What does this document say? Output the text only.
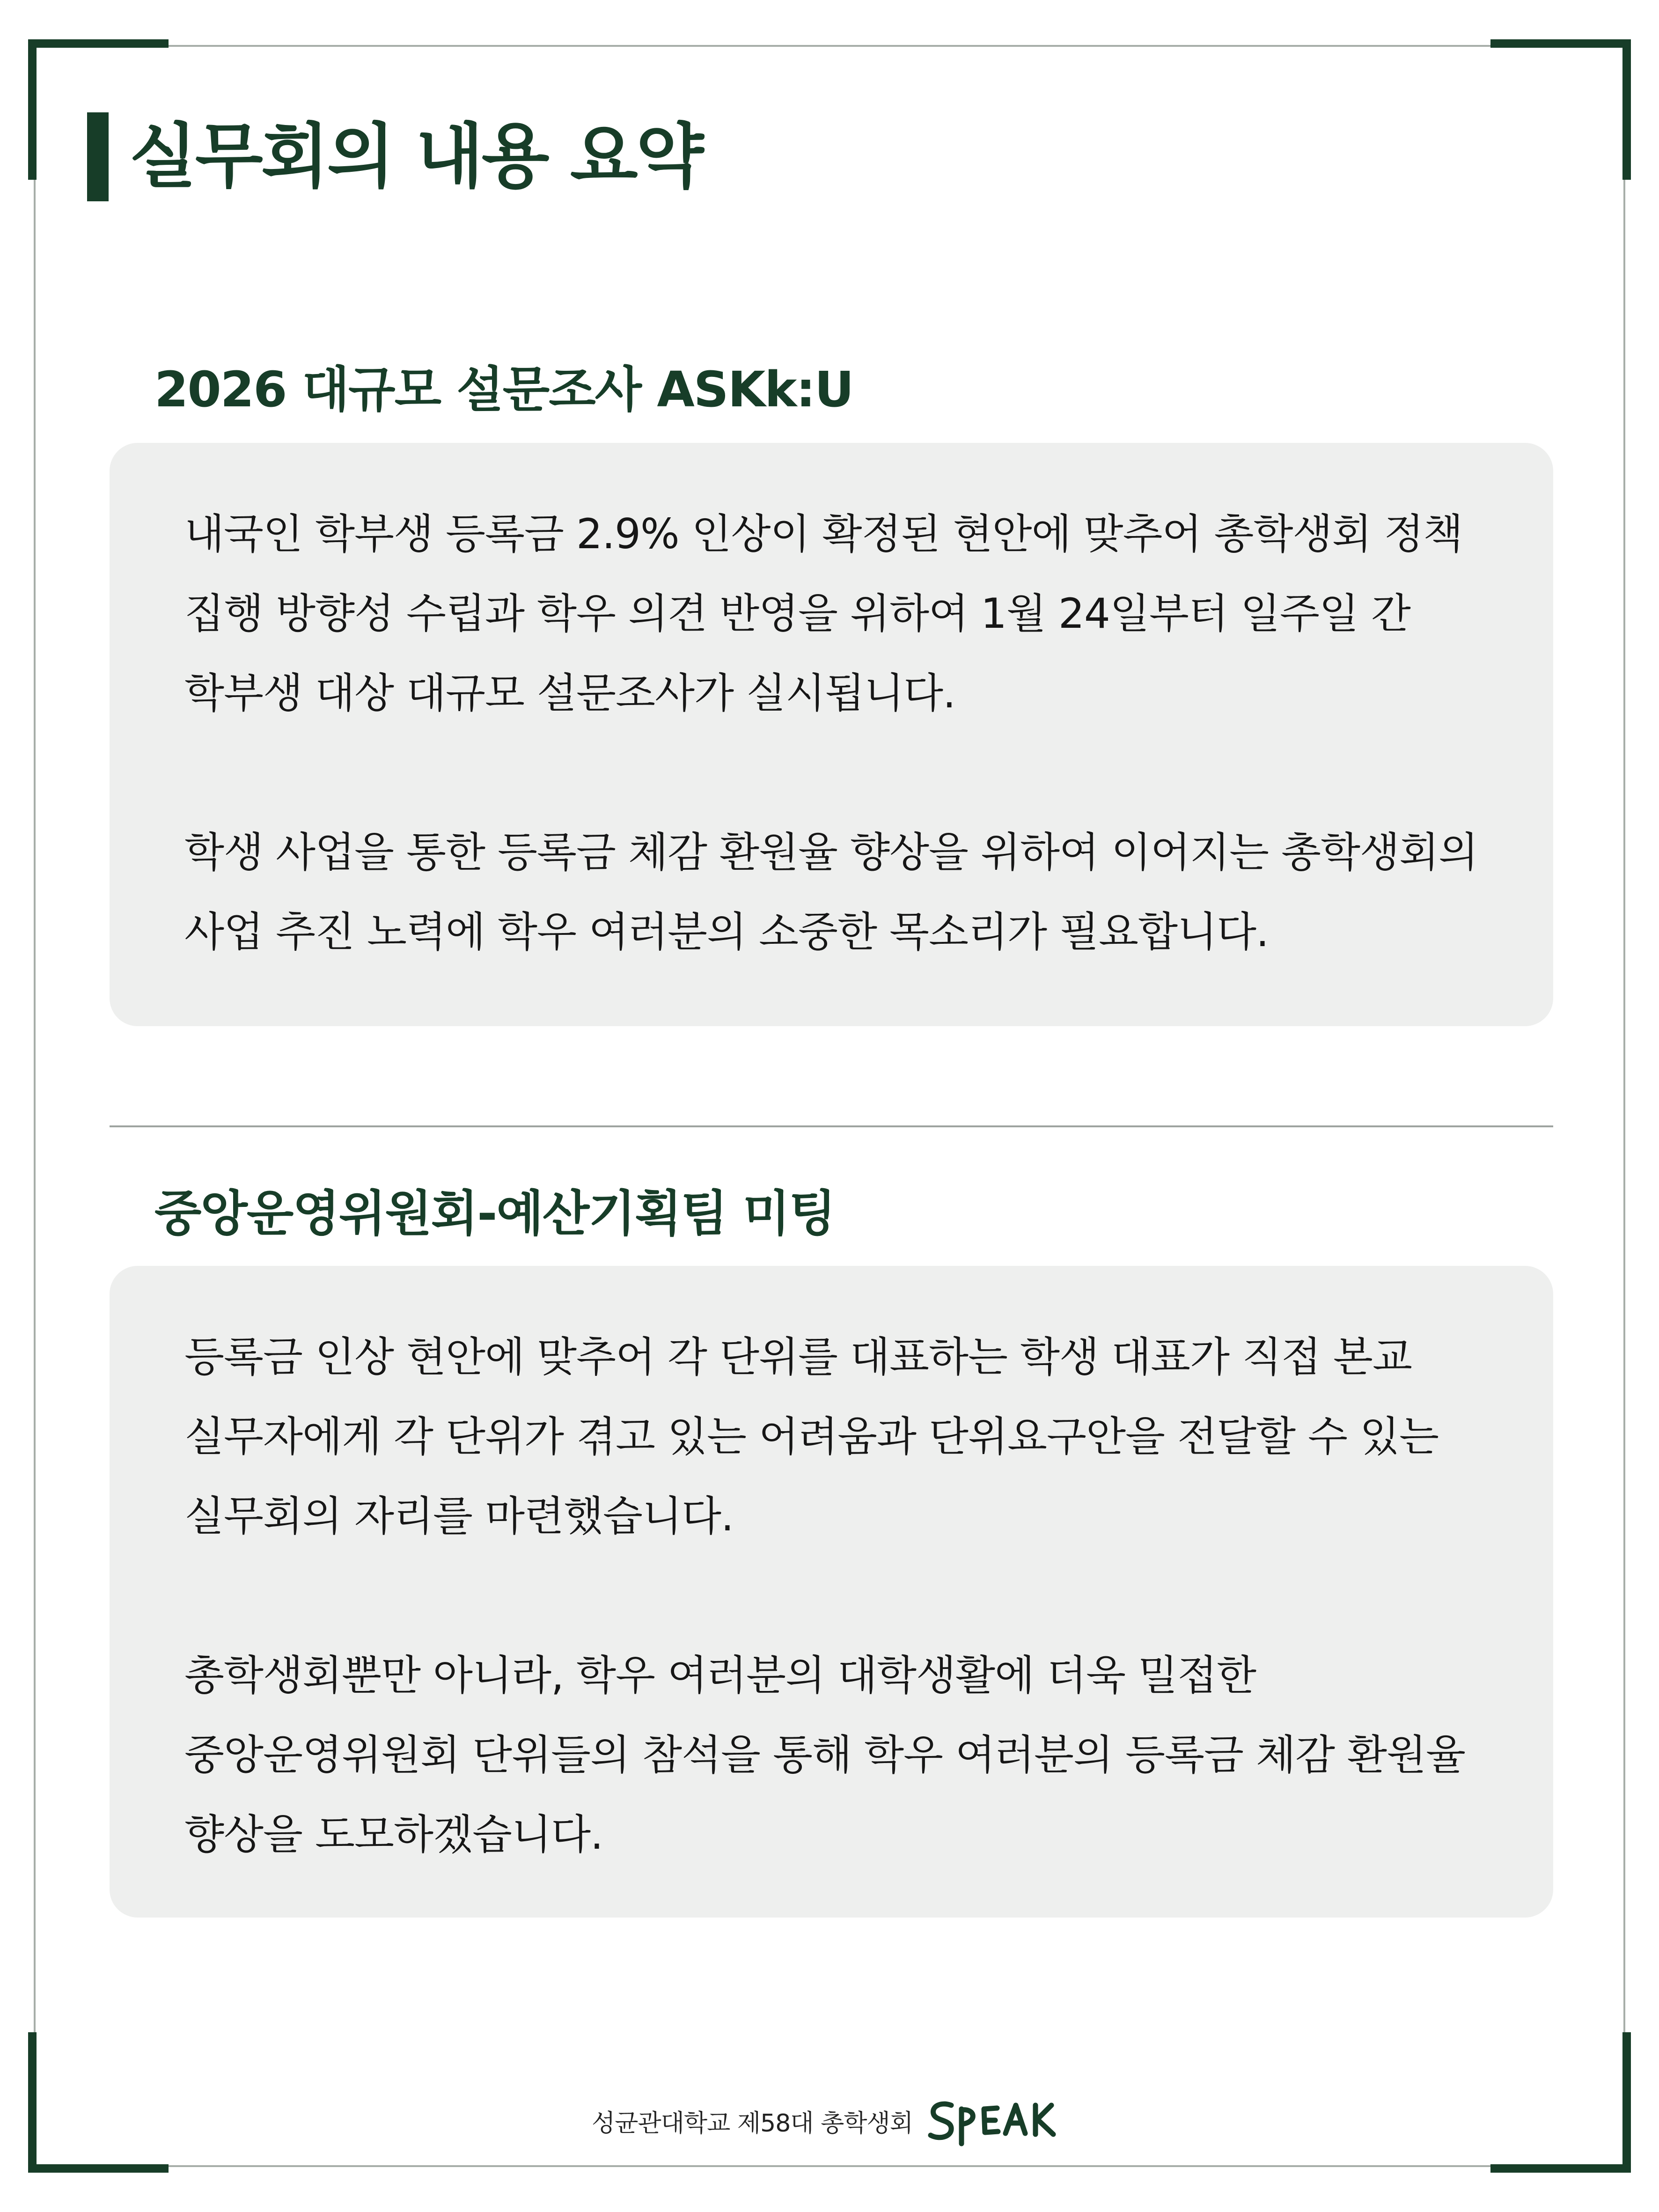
실무회의 내용 요약
2026 대규모 설문조사 ASKk:U

내국인 학부생 등록금 2.9% 인상이 확정된 현안에 맞추어 총학생회 정책
집행 방향성 수립과 학우 의견 반영을 위하여 1월 24일부터 일주일 간
학부생 대상 대규모 설문조사가 실시됩니다.

학생 사업을 통한 등록금 체감 환원율 향상을 위하여 이어지는 총학생회의
사업 추진 노력에 학우 여러분의 소중한 목소리가 필요합니다.

중앙운영위원회-예산기획팀 미팅

등록금 인상 현안에 맞추어 각 단위를 대표하는 학생 대표가 직접 본교
실무자에게 각 단위가 겪고 있는 어려움과 단위요구안을 전달할 수 있는
실무회의 자리를 마련했습니다.

총학생회뿐만 아니라, 학우 여러분의 대학생활에 더욱 밀접한
중앙운영위원회 단위들의 참석을 통해 학우 여러분의 등록금 체감 환원율
향상을 도모하겠습니다.

성균관대학교 제58대 총학생회
